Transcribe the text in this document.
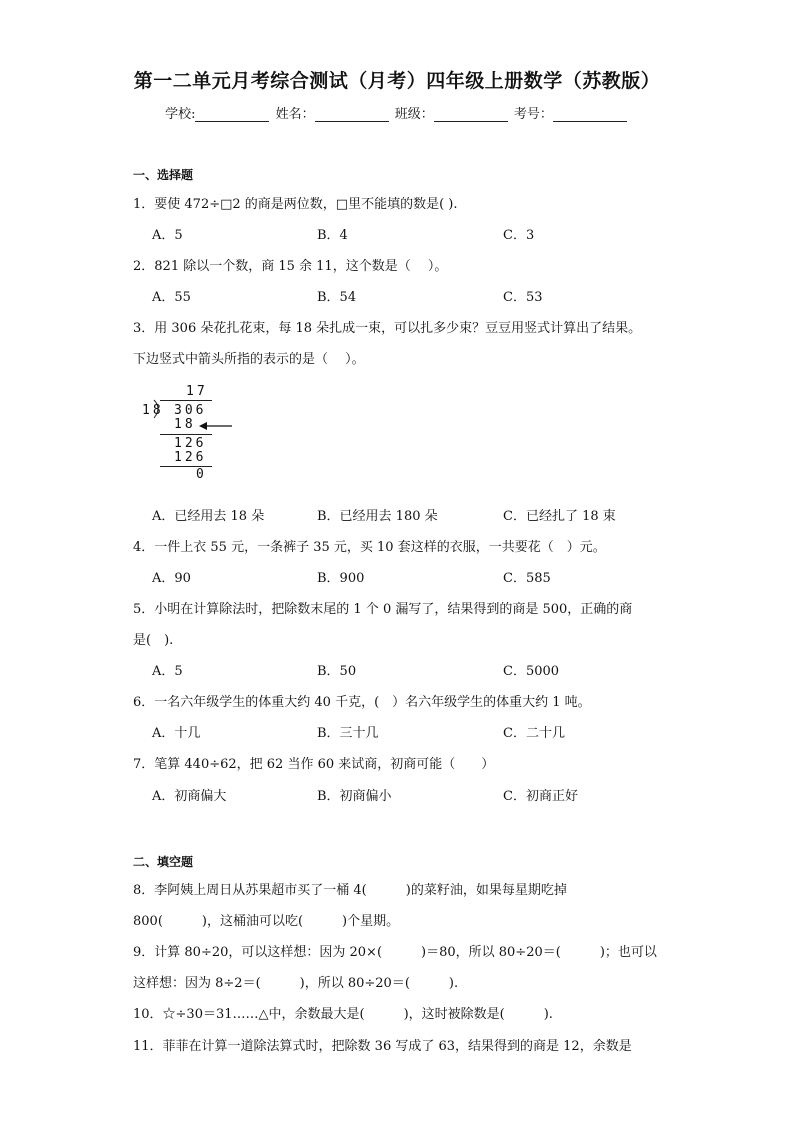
第一二单元月考综合测试（月考）四年级上册数学（苏教版）
学校:	姓名：	班级：	考号：
一、选择题
1．要使 472÷□2 的商是两位数，□里不能填的数是( ).
A．5	B．4	C．3
2．821 除以一个数，商 15 余 11，这个数是（　 ）。
A．55	B．54	C．53
3．用 306 朵花扎花束，每 18 朵扎成一束，可以扎多少束？豆豆用竖式计算出了结果。
下边竖式中箭头所指的表示的是（　 ）。
17
18 306
18
126
126
0
A．已经用去 18 朵	B．已经用去 180 朵	C．已经扎了 18 束
4．一件上衣 55 元，一条裤子 35 元，买 10 套这样的衣服，一共要花（　）元。
A．90	B．900	C．585
5．小明在计算除法时，把除数末尾的 1 个 0 漏写了，结果得到的商是 500，正确的商
是(　).
A．5	B．50	C．5000
6．一名六年级学生的体重大约 40 千克，(　）名六年级学生的体重大约 1 吨。
A．十几	B．三十几	C．二十几
7．笔算 440÷62，把 62 当作 60 来试商，初商可能（　　）
A．初商偏大	B．初商偏小	C．初商正好
二、填空题
8．李阿姨上周日从苏果超市买了一桶 4(　　　)的菜籽油，如果每星期吃掉
800(　　　)，这桶油可以吃(　　　)个星期。
9．计算 80÷20，可以这样想：因为 20×(　　　)＝80，所以 80÷20＝(　　　)；也可以
这样想：因为 8÷2＝(　　　)，所以 80÷20＝(　　　).
10．☆÷30＝31……△中，余数最大是(　　　)，这时被除数是(　　　).
11．菲菲在计算一道除法算式时，把除数 36 写成了 63，结果得到的商是 12，余数是
